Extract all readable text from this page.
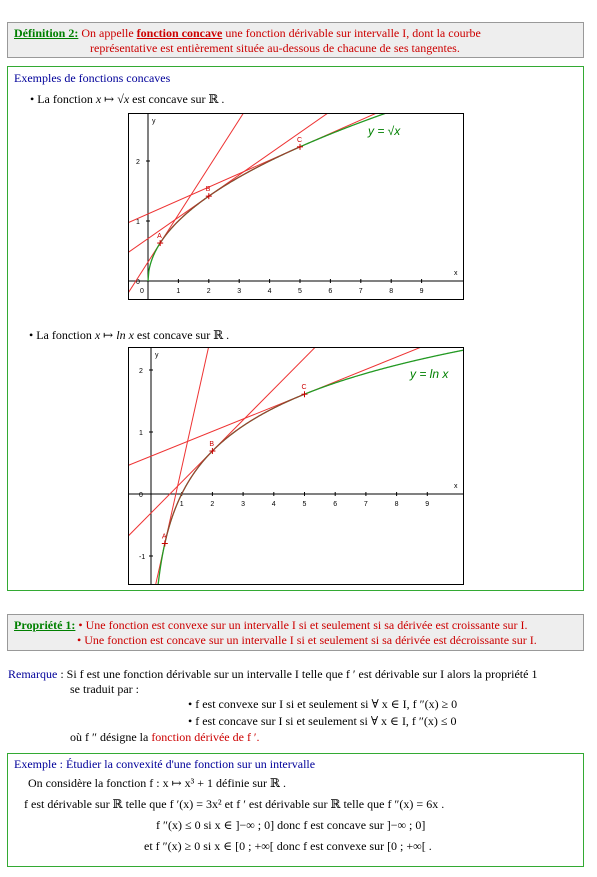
Définition 2: On appelle fonction concave une fonction dérivable sur intervalle I, dont la courbe
représentative est entièrement située au-dessous de chacune de ses tangentes.
Exemples de fonctions concaves
• La fonction x ↦ √x est concave sur ℝ .
x
y
0	1	2	3	4	5	6	7	8	9
0
1
2
A
B
C
y = √x
• La fonction x ↦ ln x est concave sur ℝ .
x
y
1	2	3	4	5	6	7	8	9
-1
0
1
2
A
B
C
y = ln x
Propriété 1: • Une fonction est convexe sur un intervalle I si et seulement si sa dérivée est croissante sur I.
• Une fonction est concave sur un intervalle I si et seulement si sa dérivée est décroissante sur I.
Remarque : Si f est une fonction dérivable sur un intervalle I telle que f ′ est dérivable sur I alors la propriété 1
se traduit par :
• f est convexe sur I si et seulement si ∀ x ∈ I, f ″(x) ≥ 0
• f est concave sur I si et seulement si ∀ x ∈ I, f ″(x) ≤ 0
où f ″ désigne la fonction dérivée de f ′.
Exemple : Étudier la convexité d'une fonction sur un intervalle
On considère la fonction f : x ↦ x³ + 1 définie sur ℝ .
f est dérivable sur ℝ telle que f ′(x) = 3x² et f ′ est dérivable sur ℝ telle que f ″(x) = 6x .
f ″(x) ≤ 0 si x ∈ ]−∞ ; 0] donc f est concave sur ]−∞ ; 0]
et f ″(x) ≥ 0 si x ∈ [0 ; +∞[ donc f est convexe sur [0 ; +∞[ .
